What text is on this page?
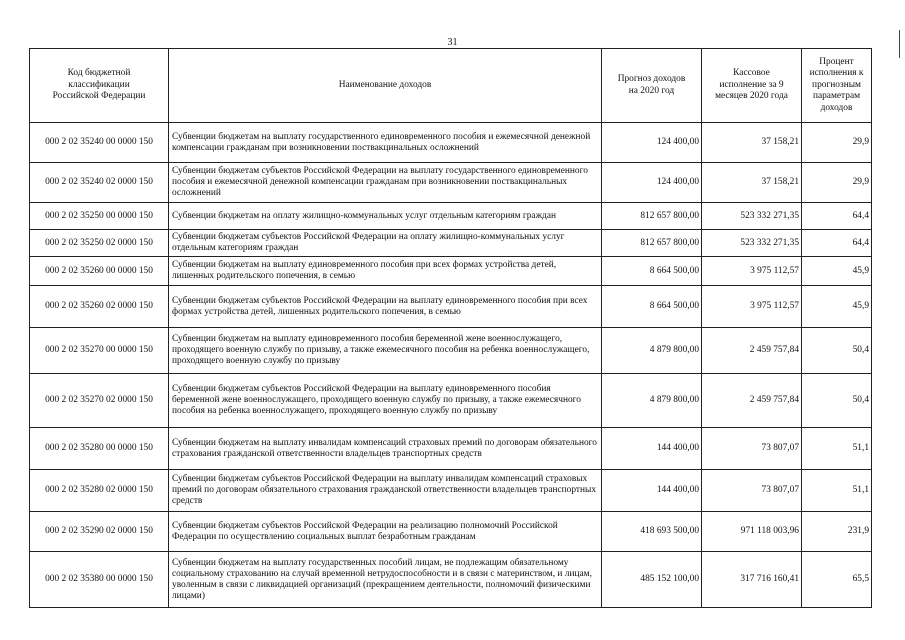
31
Код бюджетной классификации Российской Федерации	Наименование доходов	Прогноз доходов на 2020 год	Кассовое исполнение за 9 месяцев 2020 года	Процент исполнения к прогнозным параметрам доходов
000 2 02 35240 00 0000 150	Субвенции бюджетам на выплату государственного единовременного пособия и ежемесячной денежной компенсации гражданам при возникновении поствакцинальных осложнений	124 400,00	37 158,21	29,9
000 2 02 35240 02 0000 150	Субвенции бюджетам субъектов Российской Федерации на выплату государственного единовременного пособия и ежемесячной денежной компенсации гражданам при возникновении поствакцинальных осложнений	124 400,00	37 158,21	29,9
000 2 02 35250 00 0000 150	Субвенции бюджетам на оплату жилищно-коммунальных услуг отдельным категориям граждан	812 657 800,00	523 332 271,35	64,4
000 2 02 35250 02 0000 150	Субвенции бюджетам субъектов Российской Федерации на оплату жилищно-коммунальных услуг отдельным категориям граждан	812 657 800,00	523 332 271,35	64,4
000 2 02 35260 00 0000 150	Субвенции бюджетам на выплату единовременного пособия при всех формах устройства детей, лишенных родительского попечения, в семью	8 664 500,00	3 975 112,57	45,9
000 2 02 35260 02 0000 150	Субвенции бюджетам субъектов Российской Федерации на выплату единовременного пособия при всех формах устройства детей, лишенных родительского попечения, в семью	8 664 500,00	3 975 112,57	45,9
000 2 02 35270 00 0000 150	Субвенции бюджетам на выплату единовременного пособия беременной жене военнослужащего, проходящего военную службу по призыву, а также ежемесячного пособия на ребенка военнослужащего, проходящего военную службу по призыву	4 879 800,00	2 459 757,84	50,4
000 2 02 35270 02 0000 150	Субвенции бюджетам субъектов Российской Федерации на выплату единовременного пособия беременной жене военнослужащего, проходящего военную службу по призыву, а также ежемесячного пособия на ребенка военнослужащего, проходящего военную службу по призыву	4 879 800,00	2 459 757,84	50,4
000 2 02 35280 00 0000 150	Субвенции бюджетам на выплату инвалидам компенсаций страховых премий по договорам обязательного страхования гражданской ответственности владельцев транспортных средств	144 400,00	73 807,07	51,1
000 2 02 35280 02 0000 150	Субвенции бюджетам субъектов Российской Федерации на выплату инвалидам компенсаций страховых премий по договорам обязательного страхования гражданской ответственности владельцев транспортных средств	144 400,00	73 807,07	51,1
000 2 02 35290 02 0000 150	Субвенции бюджетам субъектов Российской Федерации на реализацию полномочий Российской Федерации по осуществлению социальных выплат безработным гражданам	418 693 500,00	971 118 003,96	231,9
000 2 02 35380 00 0000 150	Субвенции бюджетам на выплату государственных пособий лицам, не подлежащим обязательному социальному страхованию на случай временной нетрудоспособности и в связи с материнством, и лицам, уволенным в связи с ликвидацией организаций (прекращением деятельности, полномочий физическими лицами)	485 152 100,00	317 716 160,41	65,5
